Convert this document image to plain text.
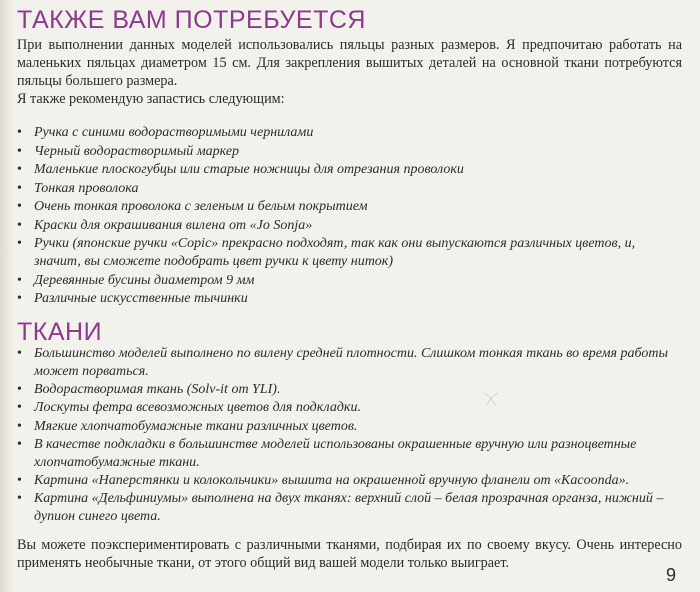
ТАКЖЕ ВАМ ПОТРЕБУЕТСЯ
При выполнении данных моделей использовались пяльцы разных размеров. Я предпочитаю работать на маленьких пяльцах диаметром 15 см. Для закрепления вышитых деталей на основной ткани потребуются пяльцы большего размера.
Я также рекомендую запастись следующим:
• Ручка с синими водорастворимыми чернилами
• Черный водорастворимый маркер
• Маленькие плоскогубцы или старые ножницы для отрезания проволоки
• Тонкая проволока
• Очень тонкая проволока с зеленым и белым покрытием
• Краски для окрашивания вилена от «Jo Sonja»
• Ручки (японские ручки «Copic» прекрасно подходят, так как они выпускаются различных цветов, и, значит, вы сможете подобрать цвет ручки к цвету ниток)
• Деревянные бусины диаметром 9 мм
• Различные искусственные тычинки
ТКАНИ
• Большинство моделей выполнено по вилену средней плотности. Слишком тонкая ткань во время работы может порваться.
• Водорастворимая ткань (Solv-it от YLI).
• Лоскуты фетра всевозможных цветов для подкладки.
• Мягкие хлопчатобумажные ткани различных цветов.
• В качестве подкладки в большинстве моделей использованы окрашенные вручную или разноцветные хлопчатобумажные ткани.
• Картина «Наперстянки и колокольчики» вышита на окрашенной вручную фланели от «Kacoonda».
• Картина «Дельфиниумы» выполнена на двух тканях: верхний слой – белая прозрачная органза, нижний – дупион синего цвета.

Вы можете поэкспериментировать с различными тканями, подбирая их по своему вкусу. Очень интересно применять необычные ткани, от этого общий вид вашей модели только выиграет.

9
